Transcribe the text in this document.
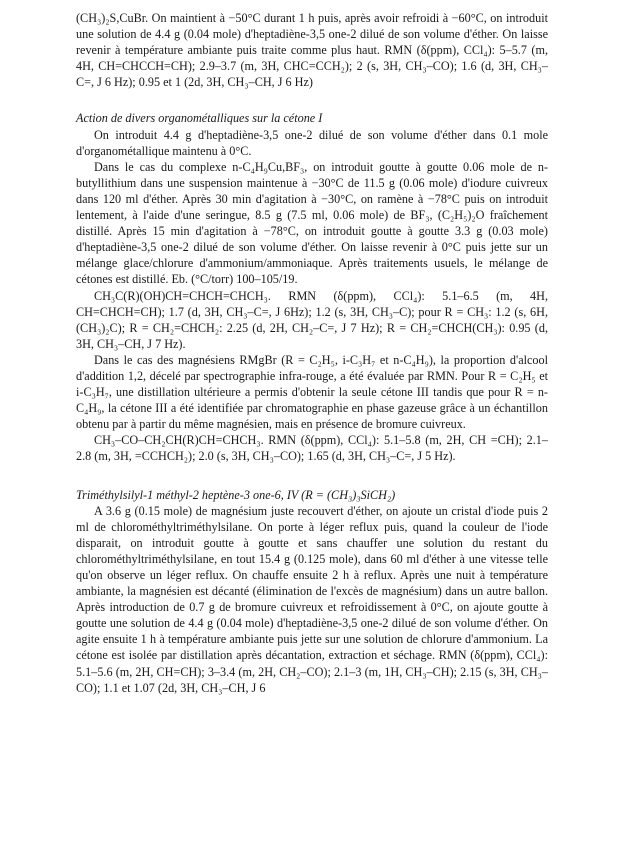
(CH₃)₂S,CuBr. On maintient à −50°C durant 1 h puis, après avoir refroidi à −60°C, on introduit une solution de 4.4 g (0.04 mole) d'heptadiène-3,5 one-2 dilué de son volume d'éther. On laisse revenir à température ambiante puis traite comme plus haut. RMN (δ(ppm), CCl₄): 5–5.7 (m, 4H, CH=CHCCH=CH); 2.9–3.7 (m, 3H, CHC=CCH₂); 2 (s, 3H, CH₃–CO); 1.6 (d, 3H, CH₃–C=, J 6 Hz); 0.95 et 1 (2d, 3H, CH₃–CH, J 6 Hz)

Action de divers organométalliques sur la cétone I

On introduit 4.4 g d'heptadiène-3,5 one-2 dilué de son volume d'éther dans 0.1 mole d'organométallique maintenu à 0°C.

Dans le cas du complexe n-C₄H₉Cu,BF₃, on introduit goutte à goutte 0.06 mole de n-butyllithium dans une suspension maintenue à −30°C de 11.5 g (0.06 mole) d'iodure cuivreux dans 120 ml d'éther. Après 30 min d'agitation à −30°C, on ramène à −78°C puis on introduit lentement, à l'aide d'une seringue, 8.5 g (7.5 ml, 0.06 mole) de BF₃, (C₂H₅)₂O fraîchement distillé. Après 15 min d'agitation à −78°C, on introduit goutte à goutte 3.3 g (0.03 mole) d'heptadiène-3,5 one-2 dilué de son volume d'éther. On laisse revenir à 0°C puis jette sur un mélange glace/chlorure d'ammonium/ammoniaque. Après traitements usuels, le mélange de cétones est distillé. Eb. (°C/torr) 100–105/19.

CH₃C(R)(OH)CH=CHCH=CHCH₃. RMN (δ(ppm), CCl₄): 5.1–6.5 (m, 4H, CH=CHCH=CH); 1.7 (d, 3H, CH₃–C=, J 6Hz); 1.2 (s, 3H, CH₃–C); pour R = CH₃: 1.2 (s, 6H, (CH₃)₂C); R = CH₂=CHCH₂: 2.25 (d, 2H, CH₂–C=, J 7 Hz); R = CH₂=CHCH(CH₃): 0.95 (d, 3H, CH₃–CH, J 7 Hz).

Dans le cas des magnésiens RMgBr (R = C₂H₅, i-C₃H₇ et n-C₄H₉), la proportion d'alcool d'addition 1,2, décelé par spectrographie infra-rouge, a été évaluée par RMN. Pour R = C₂H₅ et i-C₃H₇, une distillation ultérieure a permis d'obtenir la seule cétone III tandis que pour R = n-C₄H₉, la cétone III a été identifiée par chromatographie en phase gazeuse grâce à un échantillon obtenu par à partir du même magnésien, mais en présence de bromure cuivreux.

CH₃–CO–CH₂CH(R)CH=CHCH₃. RMN (δ(ppm), CCl₄): 5.1–5.8 (m, 2H, CH =CH); 2.1–2.8 (m, 3H, =CCHCH₂); 2.0 (s, 3H, CH₃–CO); 1.65 (d, 3H, CH₃–C=, J 5 Hz).

Triméthylsilyl-1 méthyl-2 heptène-3 one-6, IV (R = (CH₃)₃SiCH₂)

A 3.6 g (0.15 mole) de magnésium juste recouvert d'éther, on ajoute un cristal d'iode puis 2 ml de chlorométhyltriméthylsilane. On porte à léger reflux puis, quand la couleur de l'iode disparait, on introduit goutte à goutte et sans chauffer une solution du restant du chlorométhyltriméthylsilane, en tout 15.4 g (0.125 mole), dans 60 ml d'éther à une vitesse telle qu'on observe un léger reflux. On chauffe ensuite 2 h à reflux. Après une nuit à température ambiante, la magnésien est décanté (élimination de l'excès de magnésium) dans un autre ballon. Après introduction de 0.7 g de bromure cuivreux et refroidissement à 0°C, on ajoute goutte à goutte une solution de 4.4 g (0.04 mole) d'heptadiène-3,5 one-2 dilué de son volume d'éther. On agite ensuite 1 h à température ambiante puis jette sur une solution de chlorure d'ammonium. La cétone est isolée par distillation après décantation, extraction et séchage. RMN (δ(ppm), CCl₄): 5.1–5.6 (m, 2H, CH=CH); 3–3.4 (m, 2H, CH₂–CO); 2.1–3 (m, 1H, CH₃–CH); 2.15 (s, 3H, CH₃–CO); 1.1 et 1.07 (2d, 3H, CH₃–CH, J 6
